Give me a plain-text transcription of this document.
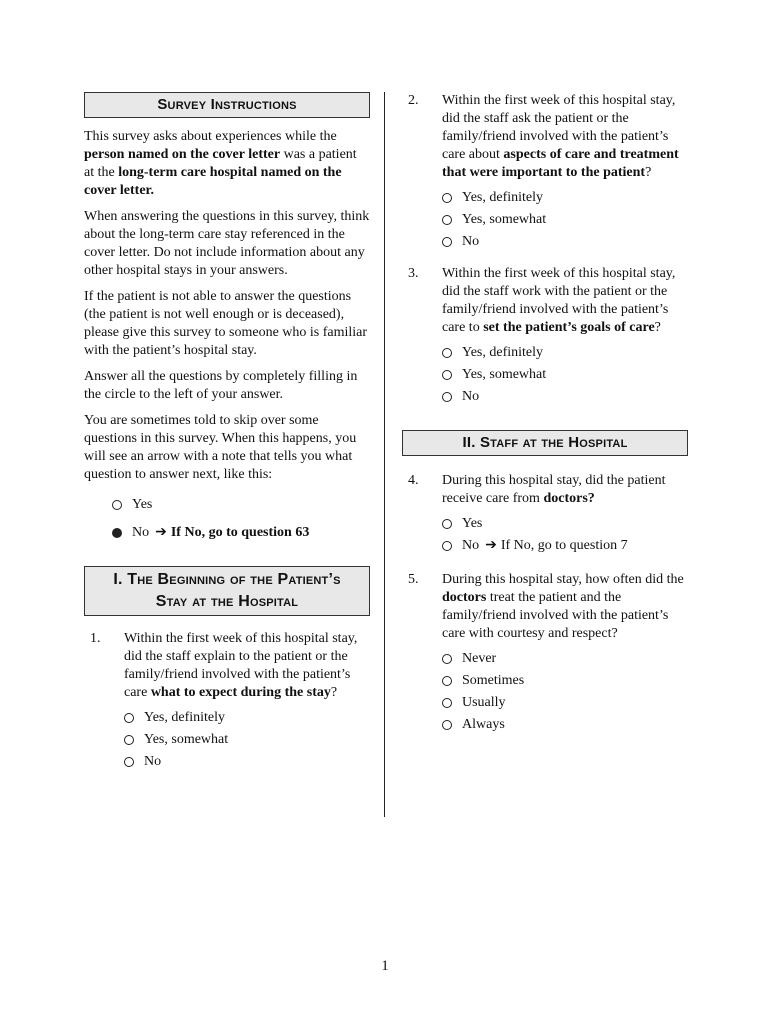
Survey Instructions

This survey asks about experiences while the person named on the cover letter was a patient at the long-term care hospital named on the cover letter.

When answering the questions in this survey, think about the long-term care stay referenced in the cover letter. Do not include information about any other hospital stays in your answers.

If the patient is not able to answer the questions (the patient is not well enough or is deceased), please give this survey to someone who is familiar with the patient’s hospital stay.

Answer all the questions by completely filling in the circle to the left of your answer.

You are sometimes told to skip over some questions in this survey. When this happens, you will see an arrow with a note that tells you what question to answer next, like this:

Yes
No ➔ If No, go to question 63
I. The Beginning of the Patient’s
Stay at the Hospital
1. Within the first week of this hospital stay, did the staff explain to the patient or the family/friend involved with the patient’s care what to expect during the stay?

Yes, definitely
Yes, somewhat
No
2. Within the first week of this hospital stay, did the staff ask the patient or the family/friend involved with the patient’s care about aspects of care and treatment that were important to the patient?

Yes, definitely
Yes, somewhat
No
3. Within the first week of this hospital stay, did the staff work with the patient or the family/friend involved with the patient’s care to set the patient’s goals of care?

Yes, definitely
Yes, somewhat
No
II. Staff at the Hospital
4. During this hospital stay, did the patient receive care from doctors?

Yes
No ➔ If No, go to question 7
5. During this hospital stay, how often did the doctors treat the patient and the family/friend involved with the patient’s care with courtesy and respect?

Never
Sometimes
Usually
Always
1
